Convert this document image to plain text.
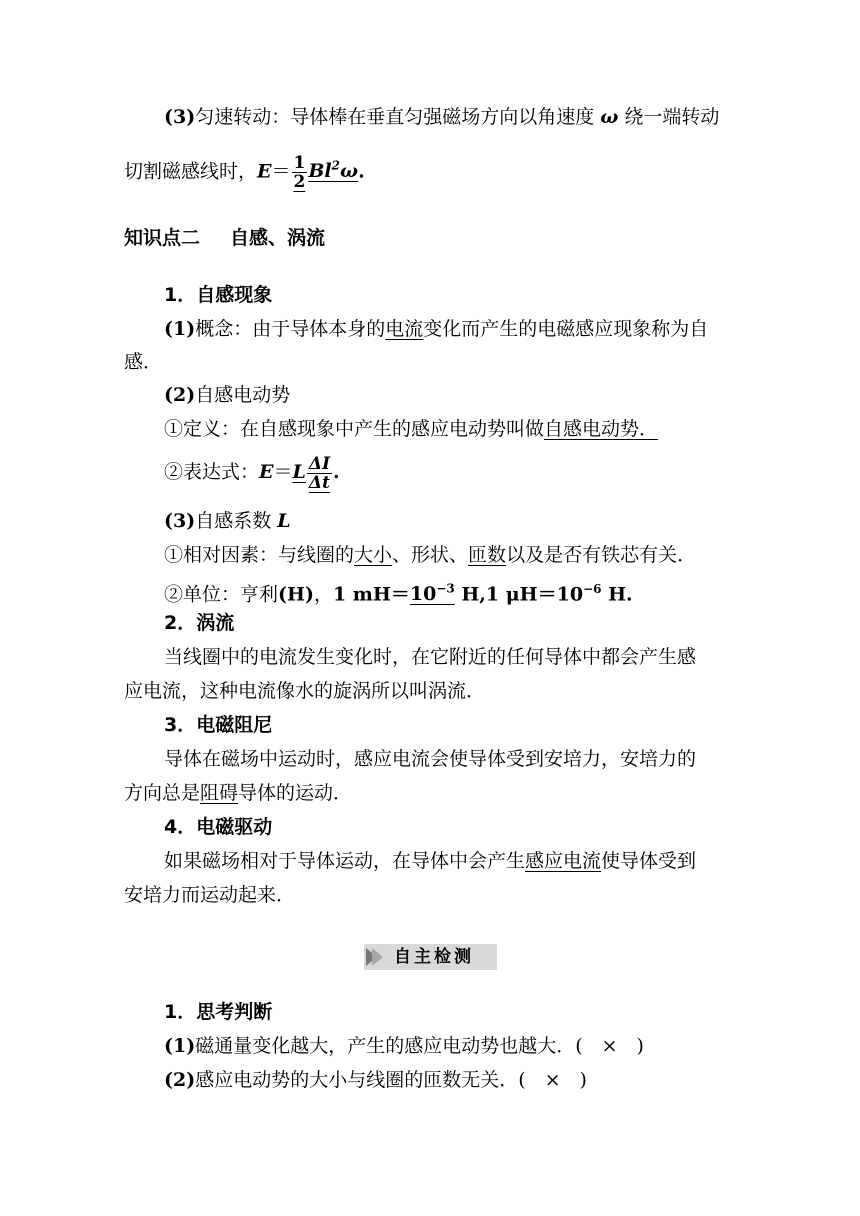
(3)匀速转动：导体棒在垂直匀强磁场方向以角速度 ω 绕一端转动
切割磁感线时，$E= \frac{1}{2} Bl^2\omega$.
知识点二 自感、涡流
1．自感现象
(1)概念：由于导体本身的电流变化而产生的电磁感应现象称为自
感．
(2)自感电动势
①定义：在自感现象中产生的感应电动势叫做自感电动势．
②表达式：$E=L \frac{\Delta I}{\Delta t}$ .
(3)自感系数 L
①相对因素：与线圈的大小、形状、匝数以及是否有铁芯有关．
②单位：亨利(H)，1 $mH=10^{-3}$ H,1 $\mu H=10^{-6}$ H.
2．涡流
当线圈中的电流发生变化时，在它附近的任何导体中都会产生感
应电流，这种电流像水的旋涡所以叫涡流．
3．电磁阻尼
导体在磁场中运动时，感应电流会使导体受到安培力，安培力的
方向总是阻碍导体的运动．
4．电磁驱动
如果磁场相对于导体运动，在导体中会产生感应电流使导体受到
安培力而运动起来．
自主检测
1．思考判断
(1)磁通量变化越大，产生的感应电动势也越大．(　×　)
(2)感应电动势的大小与线圈的匝数无关．(　×　)
